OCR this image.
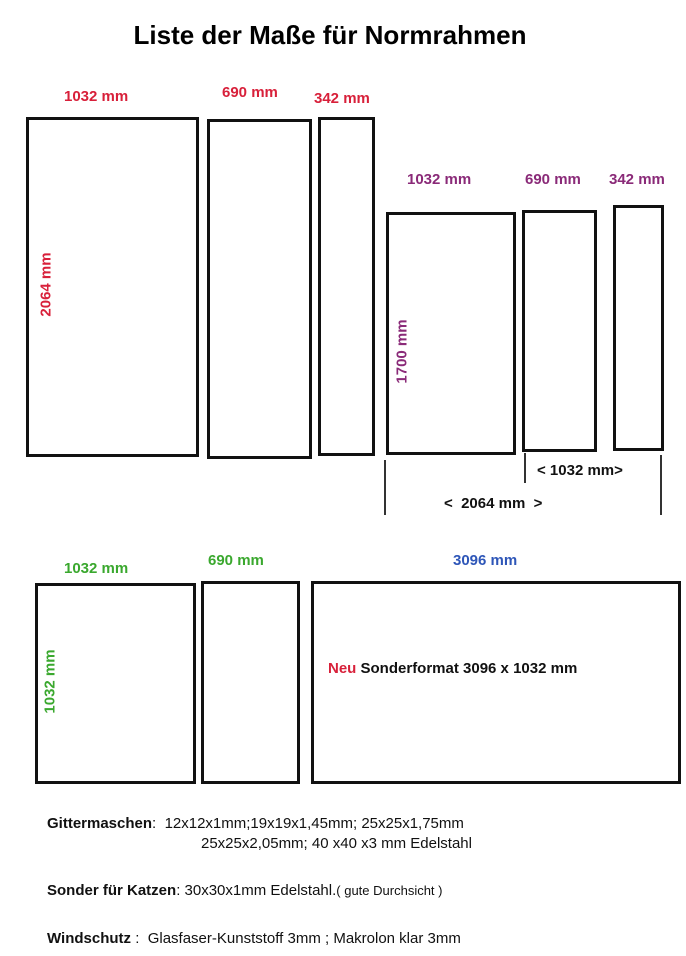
Liste der Maße für Normrahmen
1032 mm	690 mm 342 mm
2064 mm
1032 mm	690 mm 342 mm
1700 mm
< 1032 mm>
<  2064 mm  >
1032 mm	690 mm	3096 mm
1032 mm	Neu Sonderformat 3096 x 1032 mm
Gittermaschen:  12x12x1mm;19x19x1,45mm; 25x25x1,75mm
25x25x2,05mm; 40 x40 x3 mm Edelstahl
Sonder für Katzen: 30x30x1mm Edelstahl.( gute Durchsicht )
Windschutz :  Glasfaser-Kunststoff 3mm ; Makrolon klar 3mm
